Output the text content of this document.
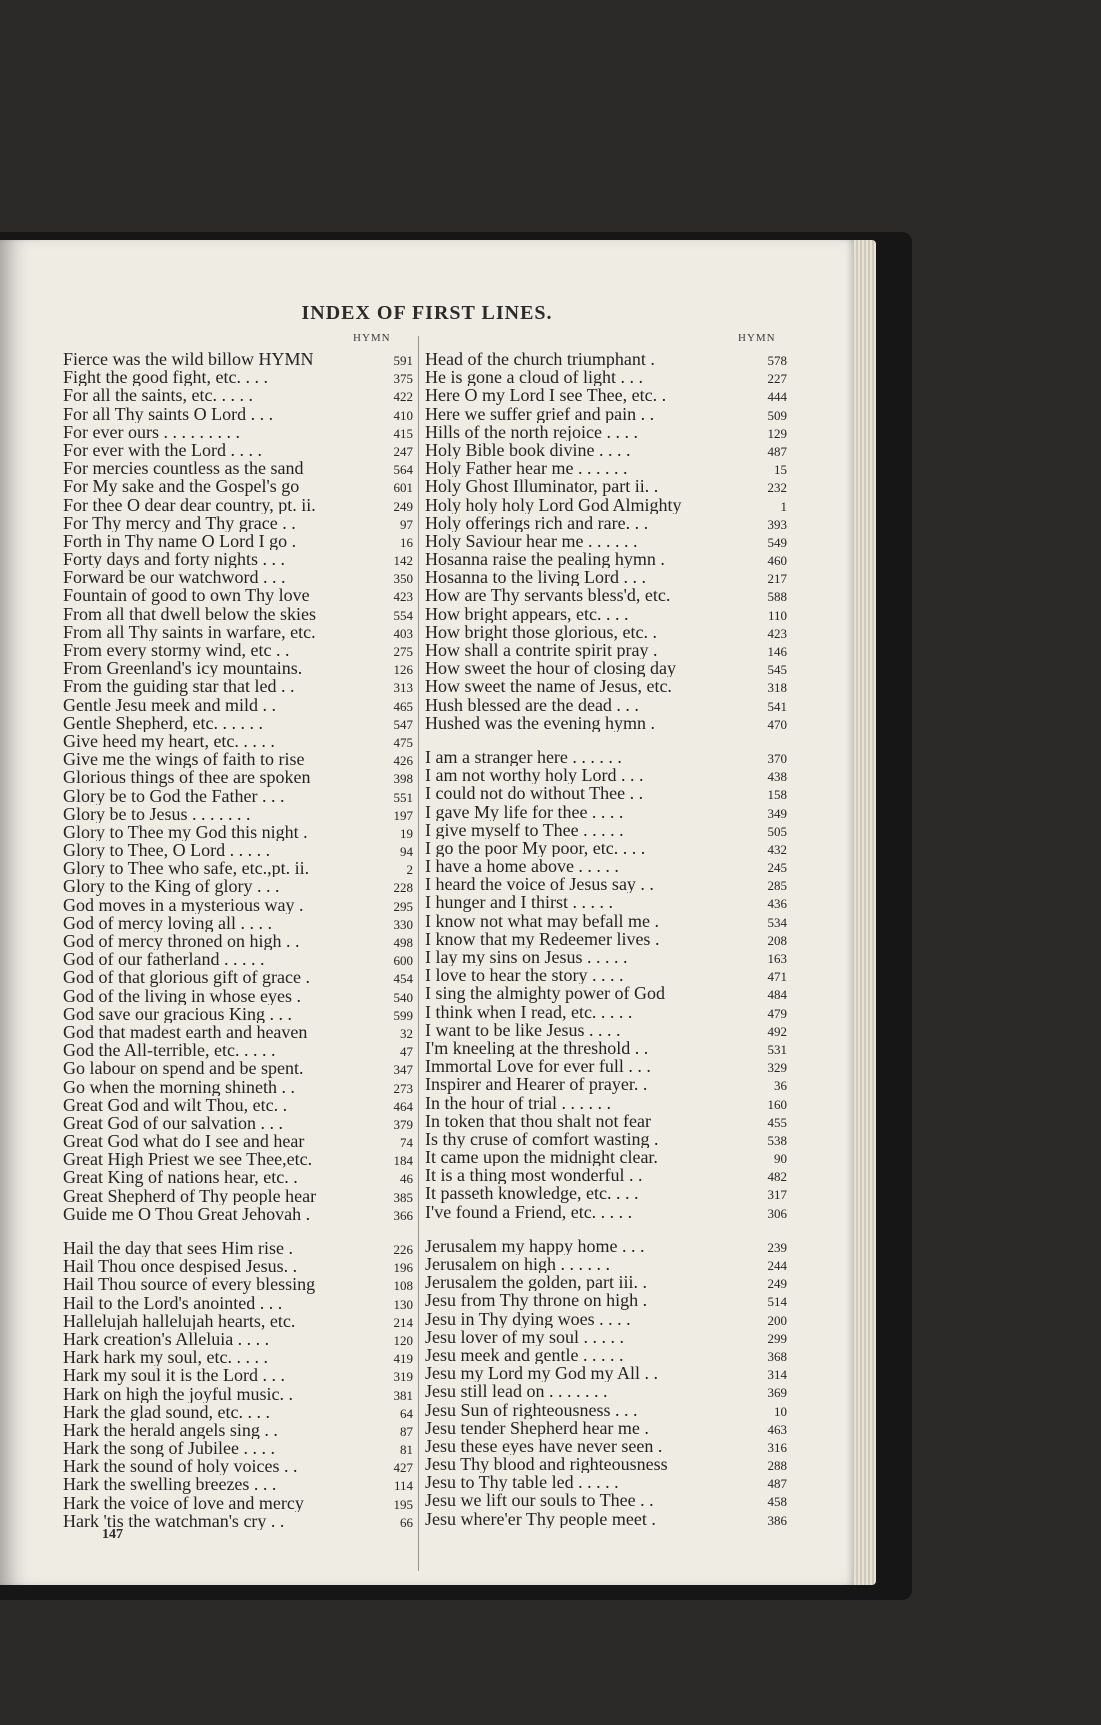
INDEX OF FIRST LINES.
HYMN	HYMN
Fierce was the wild billow HYMN	591
Fight the good fight, etc. . . .	375
For all the saints, etc. . . . .	422
For all Thy saints O Lord . . .	410
For ever ours . . . . . . . . .	415
For ever with the Lord . . . .	247
For mercies countless as the sand	564
For My sake and the Gospel's go	601
For thee O dear dear country, pt. ii.	249
For Thy mercy and Thy grace . .	97
Forth in Thy name O Lord I go .	16
Forty days and forty nights . . .	142
Forward be our watchword . . .	350
Fountain of good to own Thy love	423
From all that dwell below the skies	554
From all Thy saints in warfare, etc.	403
From every stormy wind, etc . .	275
From Greenland's icy mountains.	126
From the guiding star that led . .	313
Gentle Jesu meek and mild . .	465
Gentle Shepherd, etc. . . . . .	547
Give heed my heart, etc. . . . .	475
Give me the wings of faith to rise	426
Glorious things of thee are spoken	398
Glory be to God the Father . . .	551
Glory be to Jesus . . . . . . .	197
Glory to Thee my God this night .	19
Glory to Thee, O Lord . . . . .	94
Glory to Thee who safe, etc.,pt. ii.	2
Glory to the King of glory . . .	228
God moves in a mysterious way .	295
God of mercy loving all . . . .	330
God of mercy throned on high . .	498
God of our fatherland . . . . .	600
God of that glorious gift of grace .	454
God of the living in whose eyes .	540
God save our gracious King . . .	599
God that madest earth and heaven	32
God the All-terrible, etc. . . . .	47
Go labour on spend and be spent.	347
Go when the morning shineth . .	273
Great God and wilt Thou, etc. .	464
Great God of our salvation . . .	379
Great God what do I see and hear	74
Great High Priest we see Thee,etc.	184
Great King of nations hear, etc. .	46
Great Shepherd of Thy people hear	385
Guide me O Thou Great Jehovah .	366
Hail the day that sees Him rise .	226
Hail Thou once despised Jesus. .	196
Hail Thou source of every blessing	108
Hail to the Lord's anointed . . .	130
Hallelujah hallelujah hearts, etc.	214
Hark creation's Alleluia . . . .	120
Hark hark my soul, etc. . . . .	419
Hark my soul it is the Lord . . .	319
Hark on high the joyful music. .	381
Hark the glad sound, etc. . . .	64
Hark the herald angels sing . .	87
Hark the song of Jubilee . . . .	81
Hark the sound of holy voices . .	427
Hark the swelling breezes . . .	114
Hark the voice of love and mercy	195
Hark 'tis the watchman's cry . .	66
Head of the church triumphant .	578
He is gone a cloud of light . . .	227
Here O my Lord I see Thee, etc. .	444
Here we suffer grief and pain . .	509
Hills of the north rejoice . . . .	129
Holy Bible book divine . . . .	487
Holy Father hear me . . . . . .	15
Holy Ghost Illuminator, part ii. .	232
Holy holy holy Lord God Almighty	1
Holy offerings rich and rare. . .	393
Holy Saviour hear me . . . . . .	549
Hosanna raise the pealing hymn .	460
Hosanna to the living Lord . . .	217
How are Thy servants bless'd, etc.	588
How bright appears, etc. . . .	110
How bright those glorious, etc. .	423
How shall a contrite spirit pray .	146
How sweet the hour of closing day	545
How sweet the name of Jesus, etc.	318
Hush blessed are the dead . . .	541
Hushed was the evening hymn .	470
I am a stranger here . . . . . .	370
I am not worthy holy Lord . . .	438
I could not do without Thee . .	158
I gave My life for thee . . . .	349
I give myself to Thee . . . . .	505
I go the poor My poor, etc. . . .	432
I have a home above . . . . .	245
I heard the voice of Jesus say . .	285
I hunger and I thirst . . . . .	436
I know not what may befall me .	534
I know that my Redeemer lives .	208
I lay my sins on Jesus . . . . .	163
I love to hear the story . . . .	471
I sing the almighty power of God	484
I think when I read, etc. . . . .	479
I want to be like Jesus . . . .	492
I'm kneeling at the threshold . .	531
Immortal Love for ever full . . .	329
Inspirer and Hearer of prayer. .	36
In the hour of trial . . . . . .	160
In token that thou shalt not fear	455
Is thy cruse of comfort wasting .	538
It came upon the midnight clear.	90
It is a thing most wonderful . .	482
It passeth knowledge, etc. . . .	317
I've found a Friend, etc. . . . .	306
Jerusalem my happy home . . .	239
Jerusalem on high . . . . . .	244
Jerusalem the golden, part iii. .	249
Jesu from Thy throne on high .	514
Jesu in Thy dying woes . . . .	200
Jesu lover of my soul . . . . .	299
Jesu meek and gentle . . . . .	368
Jesu my Lord my God my All . .	314
Jesu still lead on . . . . . . .	369
Jesu Sun of righteousness . . .	10
Jesu tender Shepherd hear me .	463
Jesu these eyes have never seen .	316
Jesu Thy blood and righteousness	288
Jesu to Thy table led . . . . .	487
Jesu we lift our souls to Thee . .	458
Jesu where'er Thy people meet .	386
147
